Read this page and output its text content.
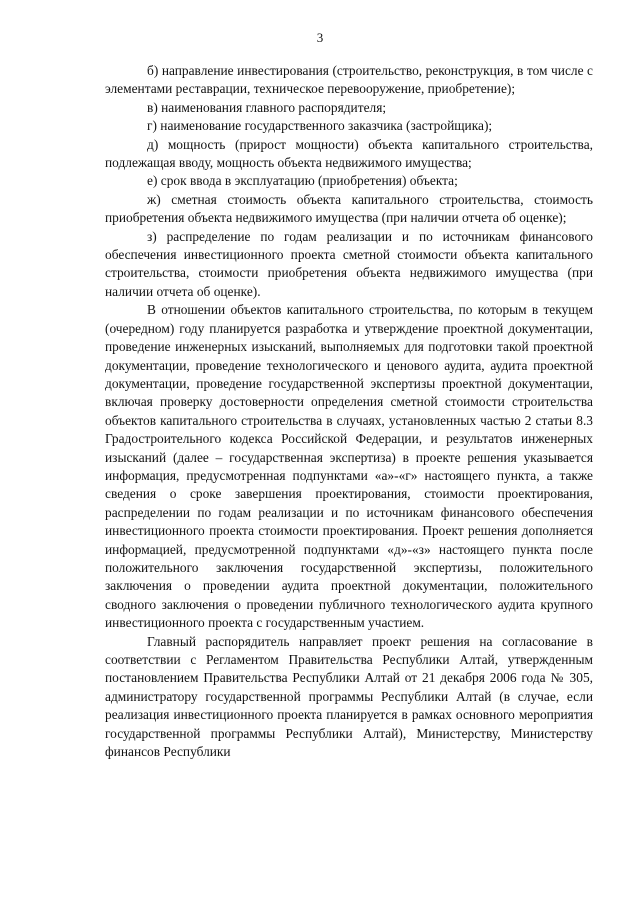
3

б) направление инвестирования (строительство, реконструкция, в том числе с элементами реставрации, техническое перевооружение, приобретение);

в) наименования главного распорядителя;

г) наименование государственного заказчика (застройщика);

д) мощность (прирост мощности) объекта капитального строительства, подлежащая вводу, мощность объекта недвижимого имущества;

е) срок ввода в эксплуатацию (приобретения) объекта;

ж) сметная стоимость объекта капитального строительства, стоимость приобретения объекта недвижимого имущества (при наличии отчета об оценке);

з) распределение по годам реализации и по источникам финансового обеспечения инвестиционного проекта сметной стоимости объекта капитального строительства, стоимости приобретения объекта недвижимого имущества (при наличии отчета об оценке).

В отношении объектов капитального строительства, по которым в текущем (очередном) году планируется разработка и утверждение проектной документации, проведение инженерных изысканий, выполняемых для подготовки такой проектной документации, проведение технологического и ценового аудита, аудита проектной документации, проведение государственной экспертизы проектной документации, включая проверку достоверности определения сметной стоимости строительства объектов капитального строительства в случаях, установленных частью 2 статьи 8.3 Градостроительного кодекса Российской Федерации, и результатов инженерных изысканий (далее – государственная экспертиза) в проекте решения указывается информация, предусмотренная подпунктами «а»-«г» настоящего пункта, а также сведения о сроке завершения проектирования, стоимости проектирования, распределении по годам реализации и по источникам финансового обеспечения инвестиционного проекта стоимости проектирования. Проект решения дополняется информацией, предусмотренной подпунктами «д»-«з» настоящего пункта после положительного заключения государственной экспертизы, положительного заключения о проведении аудита проектной документации, положительного сводного заключения о проведении публичного технологического аудита крупного инвестиционного проекта с государственным участием.

Главный распорядитель направляет проект решения на согласование в соответствии с Регламентом Правительства Республики Алтай, утвержденным постановлением Правительства Республики Алтай от 21 декабря 2006 года № 305, администратору государственной программы Республики Алтай (в случае, если реализация инвестиционного проекта планируется в рамках основного мероприятия государственной программы Республики Алтай), Министерству, Министерству финансов Республики
